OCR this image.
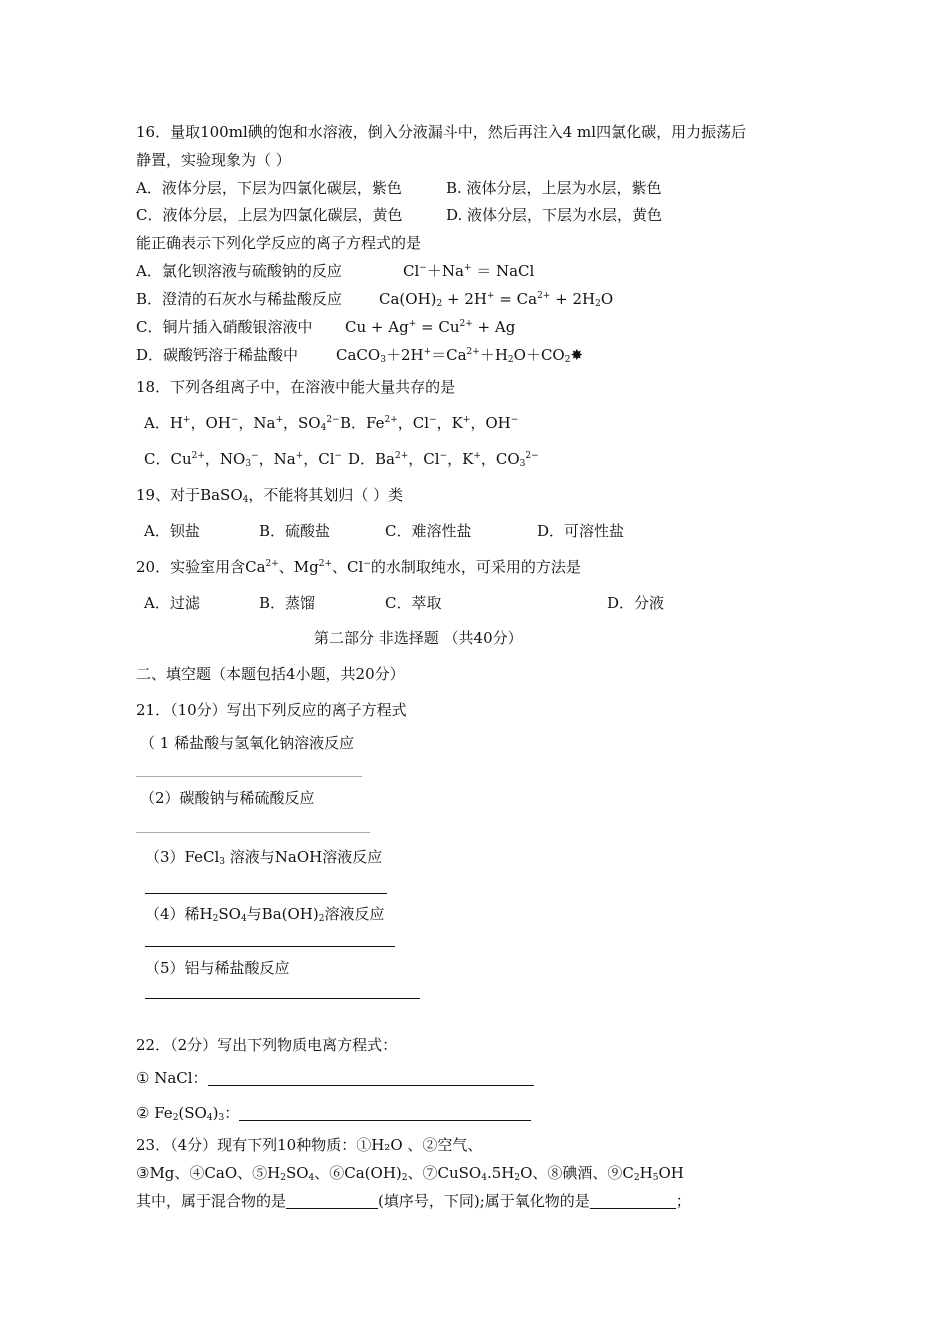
16．量取100ml碘的饱和水溶液，倒入分液漏斗中，然后再注入4 ml四氯化碳，用力振荡后
静置，实验现象为（ ）
A．液体分层，下层为四氯化碳层，紫色	B. 液体分层，上层为水层，紫色
C．液体分层，上层为四氯化碳层，黄色	D. 液体分层，下层为水层，黄色
能正确表示下列化学反应的离子方程式的是
A．氯化钡溶液与硫酸钠的反应	Cl−＋Na+ ＝ NaCl
B．澄清的石灰水与稀盐酸反应 $Ca(OH)_2 + 2H^+ = Ca^{2+} + 2H_2O$
C．铜片插入硝酸银溶液中 $Cu + Ag^+ = Cu^{2+} + Ag$
D．碳酸钙溶于稀盐酸中	$CaCO_3+2H^+=Ca^{2+}+H_2O+CO_2✸$
18．下列各组离子中，在溶液中能大量共存的是
A．H+，OH−，Na+，$SO_4^{2-}$ B．$Fe^{2+}$，Cl−，K+，OH−
C．$Cu^{2+}$，$NO_3^-$，Na+，Cl− D．$Ba^{2+}$，Cl−，K+，$CO_3^{2-}$
19、对于BaSO$_4$，不能将其划归（ ）类
A．钡盐	B．硫酸盐	C．难溶性盐	D．可溶性盐
20．实验室用含$Ca^{2+}$、$Mg^{2+}$、Cl−的水制取纯水，可采用的方法是
A．过滤	B．蒸馏	C．萃取	D．分液
第二部分 非选择题 （共40分）
二、填空题（本题包括4小题，共20分）
21．（10分）写出下列反应的离子方程式
（ 1 稀盐酸与氢氧化钠溶液反应
（2）碳酸钠与稀硫酸反应
（3）FeCl$_3$ 溶液与NaOH溶液反应
（4）稀$H_2SO_4$与$Ba(OH)_2$溶液反应
（5）铝与稀盐酸反应
22．（2分）写出下列物质电离方程式：
① NaCl：
② $Fe_2(SO_4)_3$：
23．（4分）现有下列10种物质：①H₂O 、②空气、
③Mg、④CaO、$⑤H_2SO_4$、$⑥Ca(OH)_2$、$⑦CuSO_4.5H_2O$、⑧碘酒、$⑨C_2H_5OH$
其中，属于混合物的是	(填序号，下同);属于氧化物的是	；
